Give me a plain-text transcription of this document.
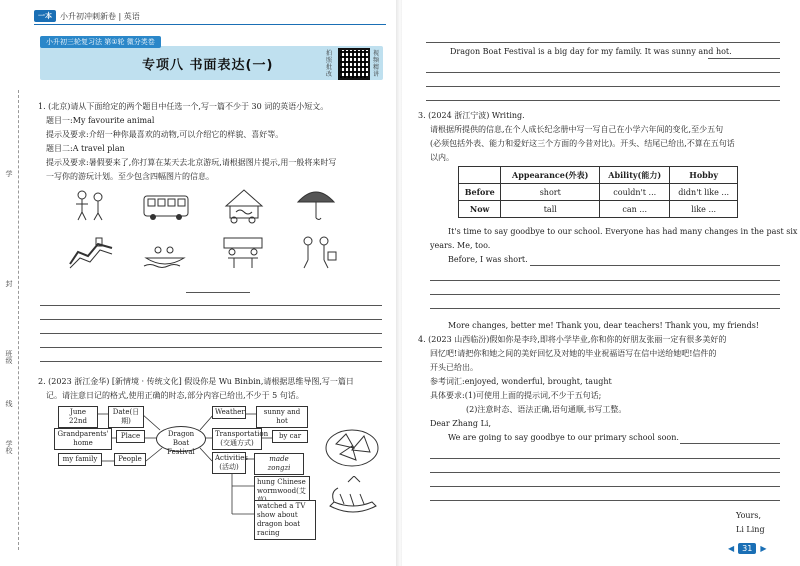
学
封
班级
线
学校
一本	小升初冲刺新卷 | 英语
小升初三轮复习法 第①轮 微分类卷
专项八 书面表达(一)
拍照批改
视频精讲
1. (北京)请从下面给定的两个题目中任选一个,写一篇不少于 30 词的英语小短文。
题目一:My favourite animal
提示及要求:介绍一种你最喜欢的动物,可以介绍它的样貌、喜好等。
题目二:A travel plan
提示及要求:暑假要来了,你打算在某天去北京游玩,请根据图片提示,用一般将来时写
一写你的游玩计划。至少包含四幅图片的信息。
2. (2023 浙江金华) [新情境 · 传统文化] 假设你是 Wu Binbin,请根据思维导图,写一篇日
记。请注意日记的格式,使用正确的时态,部分内容已给出,不少于 5 句话。
June 22nd
Date(日期)
Grandparents' home
Place
my family	People
Dragon Boat Festival
Weather	sunny and hot
Transportation (交通方式)
by car
Activities (活动)
made zongzi
hung Chinese wormwood(艾
watched a TV show about dragon boat racing
Dragon Boat Festival is a big day for my family. It was sunny and hot.
3. (2024 浙江宁波) Writing.
请根据所提供的信息,在个人成长纪念册中写一写自己在小学六年间的变化,至少五句
(必须包括外表、能力和爱好这三个方面的今昔对比)。开头、结尾已给出,不算在五句话
以内。
	Appearance(外表)	Ability(能力)	Hobby
Before	short	couldn't ...	didn't like ...
Now	tall	can ...	like ...
It's time to say goodbye to our school. Everyone has had many changes in the past six
years. Me, too.
Before, I was short.
More changes, better me! Thank you, dear teachers! Thank you, my friends!
4. (2023 山西临汾)假如你是李玲,即将小学毕业,你和你的好朋友张丽一定有很多美好的
回忆吧!请把你和她之间的美好回忆及对她的毕业祝福语写在信中送给她吧!信件的
开头已给出。
参考词汇:enjoyed, wonderful, brought, taught
具体要求:(1)可使用上面的提示词,不少于五句话;
(2)注意时态、语法正确,语句通顺,书写工整。
Dear Zhang Li,
We are going to say goodbye to our primary school soon.
Yours,
Li Ling
◀	31	▶
